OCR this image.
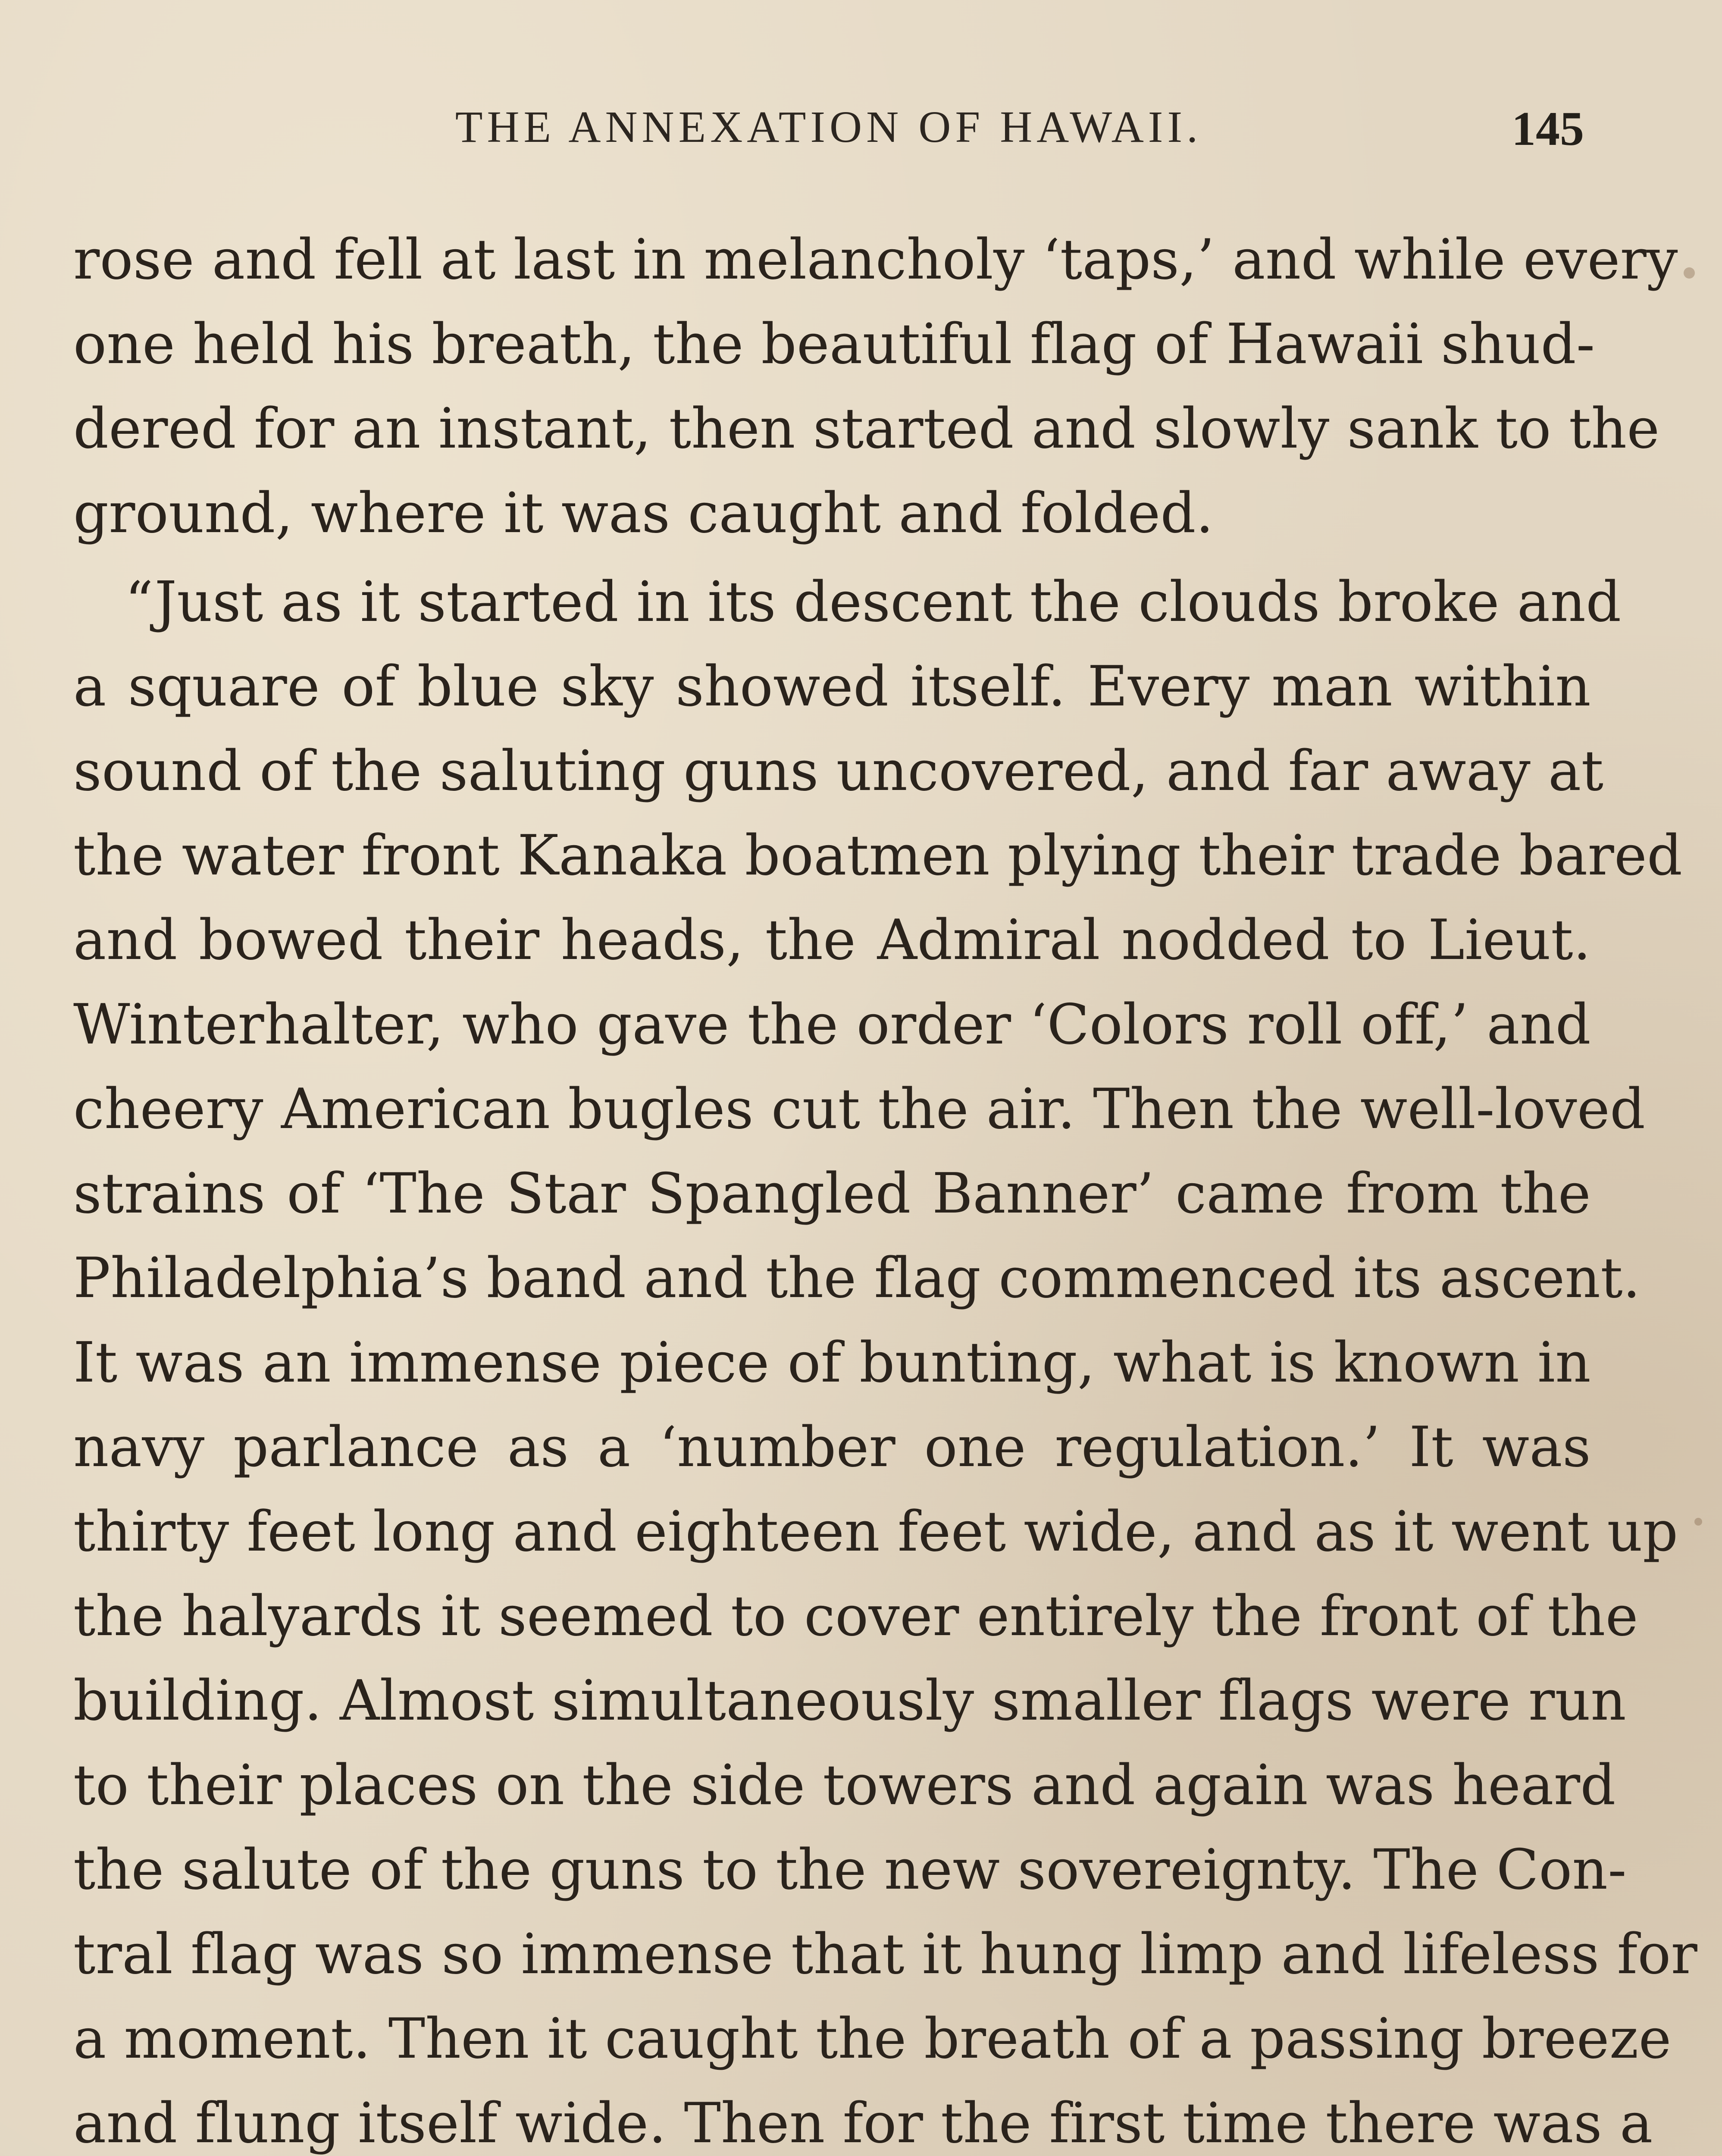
THE ANNEXATION OF HAWAII.	145
rose and fell at last in melancholy ‘taps,’ and while every
one held his breath, the beautiful flag of Hawaii shud-
dered for an instant, then started and slowly sank to the
ground, where it was caught and folded.
“Just as it started in its descent the clouds broke and
a square of blue sky showed itself. Every man within
sound of the saluting guns uncovered, and far away at
the water front Kanaka boatmen plying their trade bared
and bowed their heads, the Admiral nodded to Lieut.
Winterhalter, who gave the order ‘Colors roll off,’ and
cheery American bugles cut the air. Then the well-loved
strains of ‘The Star Spangled Banner’ came from the
Philadelphia’s band and the flag commenced its ascent.
It was an immense piece of bunting, what is known in
navy parlance as a ‘number one regulation.’ It was
thirty feet long and eighteen feet wide, and as it went up
the halyards it seemed to cover entirely the front of the
building. Almost simultaneously smaller flags were run
to their places on the side towers and again was heard
the salute of the guns to the new sovereignty. The Con-
tral flag was so immense that it hung limp and lifeless for
a moment. Then it caught the breath of a passing breeze
and flung itself wide. Then for the first time there was a
